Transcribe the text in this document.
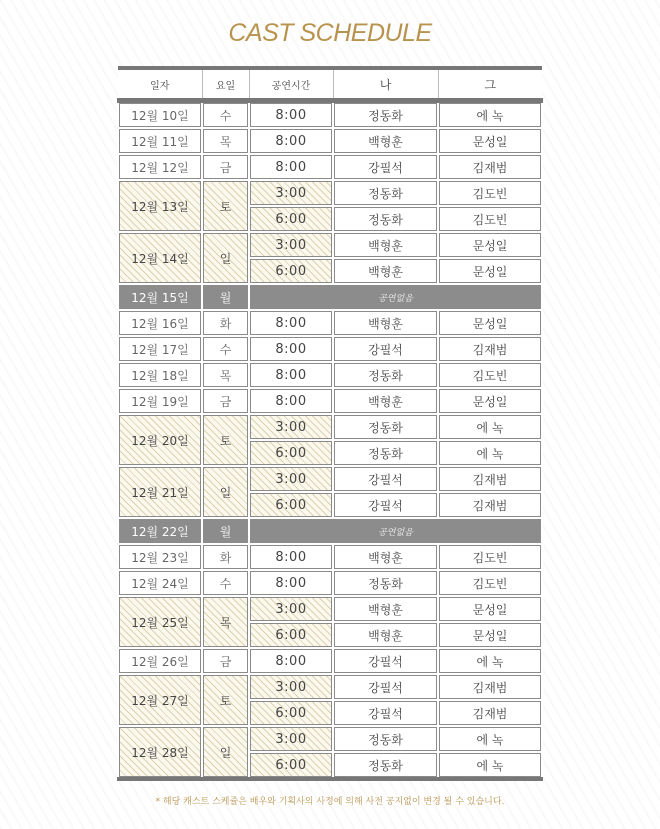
CAST SCHEDULE
일자	요일	공연시간	나	그
12월 10일	수	8:00	정동화	에 녹
12월 11일	목	8:00	백형훈	문성일
12월 12일	금	8:00	강필석	김재범
12월 13일	토	3:00	정동화	김도빈
		6:00	정동화	김도빈
12월 14일	일	3:00	백형훈	문성일
		6:00	백형훈	문성일
12월 15일	월	공연없음		
12월 16일	화	8:00	백형훈	문성일
12월 17일	수	8:00	강필석	김재범
12월 18일	목	8:00	정동화	김도빈
12월 19일	금	8:00	백형훈	문성일
12월 20일	토	3:00	정동화	에 녹
		6:00	정동화	에 녹
12월 21일	일	3:00	강필석	김재범
		6:00	강필석	김재범
12월 22일	월	공연없음		
12월 23일	화	8:00	백형훈	김도빈
12월 24일	수	8:00	정동화	김도빈
12월 25일	목	3:00	백형훈	문성일
		6:00	백형훈	문성일
12월 26일	금	8:00	강필석	에 녹
12월 27일	토	3:00	강필석	김재범
		6:00	강필석	김재범
12월 28일	일	3:00	정동화	에 녹
		6:00	정동화	에 녹

* 해당 캐스트 스케쥴은 배우와 기획사의 사정에 의해 사전 공지없이 변경 될 수 있습니다.
